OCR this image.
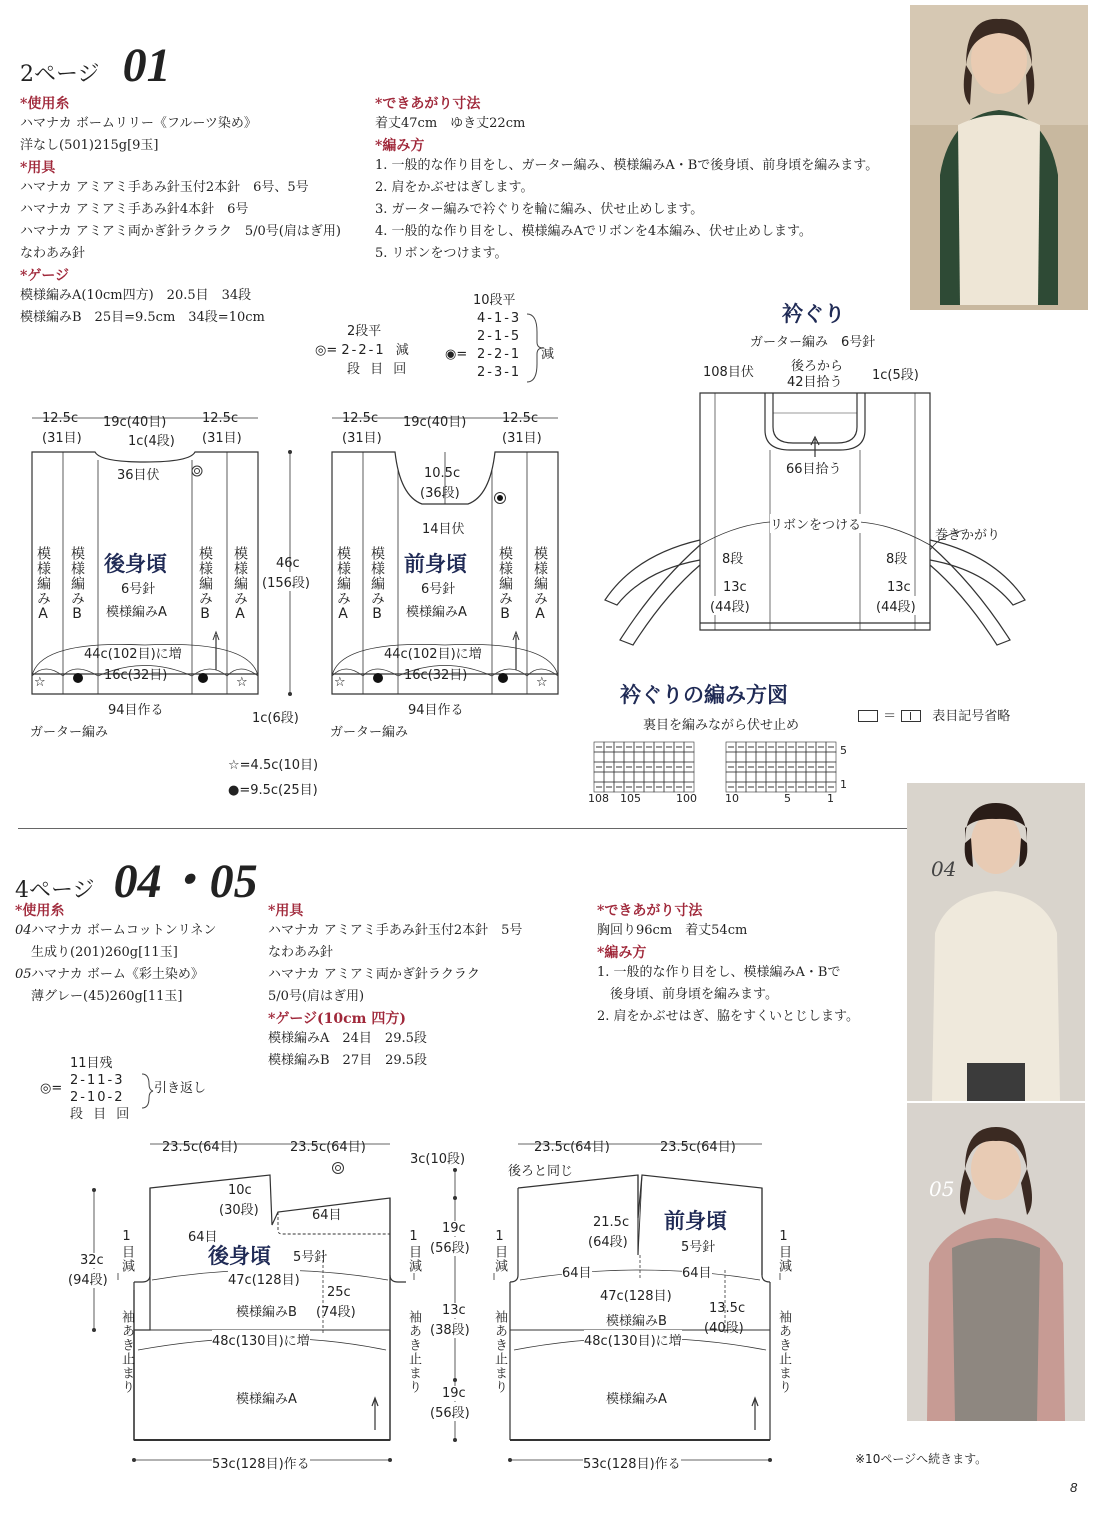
2ページ 01
*使用糸
ハマナカ ボームリリー《フルーツ染め》
洋なし(501)215g[9玉]
*用具
ハマナカ アミアミ手あみ針玉付2本針　6号、5号
ハマナカ アミアミ手あみ針4本針　6号
ハマナカ アミアミ両かぎ針ラクラク　5/0号(肩はぎ用)
なわあみ針
*ゲージ
模様編みA(10cm四方)　20.5目　34段
模様編みB　25目=9.5cm　34段=10cm
*できあがり寸法
着丈47cm　ゆき丈22cm
*編み方
1. 一般的な作り目をし、ガーター編み、模様編みA・Bで後身頃、前身頃を編みます。
2. 肩をかぶせはぎします。
3. ガーター編みで衿ぐりを輪に編み、伏せ止めします。
4. 一般的な作り目をし、模様編みAでリボンを4本編み、伏せ止めします。
5. リボンをつけます。
2段平
◎= 2-2-1 減
段 目 回
10段平
◉=
4-1-3
2-1-5
2-2-1
2-3-1
減
☆	☆
12.5c
(31目)
19c(40目)	12.5c
(31目)
1c(4段)
36目伏
模様編みA 模様編みB	模様編みB 模様編みA
後身頃
6号針
模様編みA
44c(102目)に増
16c(32目)
94目作る
ガーター編み
46c
(156段)
1c(6段)
☆	☆
12.5c
(31目)
19c(40目)	12.5c
(31目)
10.5c
(36段)
14目伏
模様編みA 模様編みB	模様編みB 模様編みA
前身頃
6号針
模様編みA
44c(102目)に増
16c(32目)
94目作る
ガーター編み
☆=4.5c(10目)
●=9.5c(25目)
衿ぐり
ガーター編み　6号針
108目伏	後ろから
42目拾う 1c(5段)
66目拾う
リボンをつける
巻きかがり
8段	8段
13c
(44段)
13c
(44段)
衿ぐりの編み方図
裏目を編みながら伏せ止め
＝	表目記号省略
108 105	100	10	5	1
5
1
4ページ 04・05
*使用糸
04ハマナカ ボームコットンリネン
生成り(201)260g[11玉]
05ハマナカ ボーム《彩土染め》
薄グレー(45)260g[11玉]
*用具
ハマナカ アミアミ手あみ針玉付2本針　5号
なわあみ針
ハマナカ アミアミ両かぎ針ラクラク
5/0号(肩はぎ用)
*ゲージ(10cm 四方)
模様編みA　24目　29.5段
模様編みB　27目　29.5段
*できあがり寸法
胸回り96cm　着丈54cm
*編み方
1. 一般的な作り目をし、模様編みA・Bで
　後身頃、前身頃を編みます。
2. 肩をかぶせはぎ、脇をすくいとじします。
04
05
11目残
◎=
2-11-3
2-10-2
引き返し
段 目 回
23.5c(64目)	23.5c(64目)
10c
(30段)
64目
64目
後身頃 5号針
47c(128目)
模様編みB
25c
(74段)
48c(130目)に増
模様編みA
53c(128目)作る
32c
(94段)
1目減	1目減
袖あき止まり	袖あき止まり
3c(10段)
19c
(56段)
13c
(38段)
19c
(56段)
23.5c(64目)	23.5c(64目)
後ろと同じ
21.5c
(64段)
前身頃
5号針
64目	64目
47c(128目)
模様編みB
13.5c
(40段)
48c(130目)に増
模様編みA
53c(128目)作る
1目減	1目減
袖あき止まり	袖あき止まり
※10ページへ続きます。
8
